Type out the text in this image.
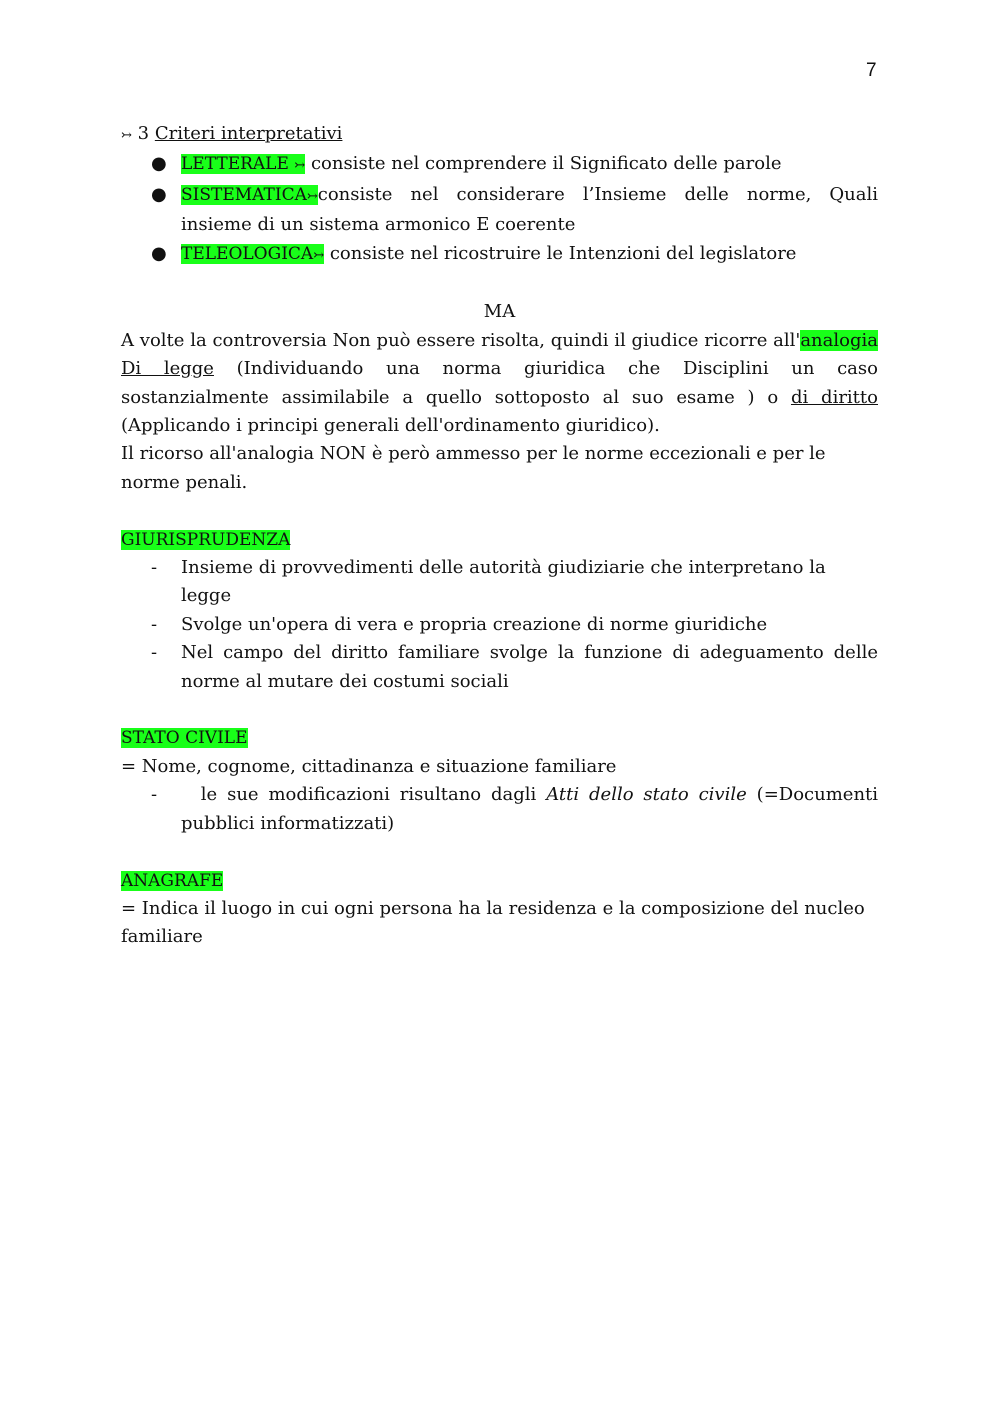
7
↣ 3 Criteri interpretativi
● LETTERALE ↣ consiste nel comprendere il Significato delle parole
● SISTEMATICA↣consiste nel considerare l’Insieme delle norme, Quali insieme di un sistema armonico E coerente
● TELEOLOGICA↣ consiste nel ricostruire le Intenzioni del legislatore
MA
A volte la controversia Non può essere risolta, quindi il giudice ricorre all'analogia Di legge (Individuando una norma giuridica che Disciplini un caso sostanzialmente assimilabile a quello sottoposto al suo esame ) o di diritto (Applicando i principi generali dell'ordinamento giuridico).
Il ricorso all'analogia NON è però ammesso per le norme eccezionali e per le norme penali.
GIURISPRUDENZA
-	Insieme di provvedimenti delle autorità giudiziarie che interpretano la legge
-	Svolge un'opera di vera e propria creazione di norme giuridiche
-	Nel campo del diritto familiare svolge la funzione di adeguamento delle norme al mutare dei costumi sociali
STATO CIVILE
= Nome, cognome, cittadinanza e situazione familiare
-	le sue modificazioni risultano dagli Atti dello stato civile (=Documenti pubblici informatizzati)
ANAGRAFE
= Indica il luogo in cui ogni persona ha la residenza e la composizione del nucleo familiare
